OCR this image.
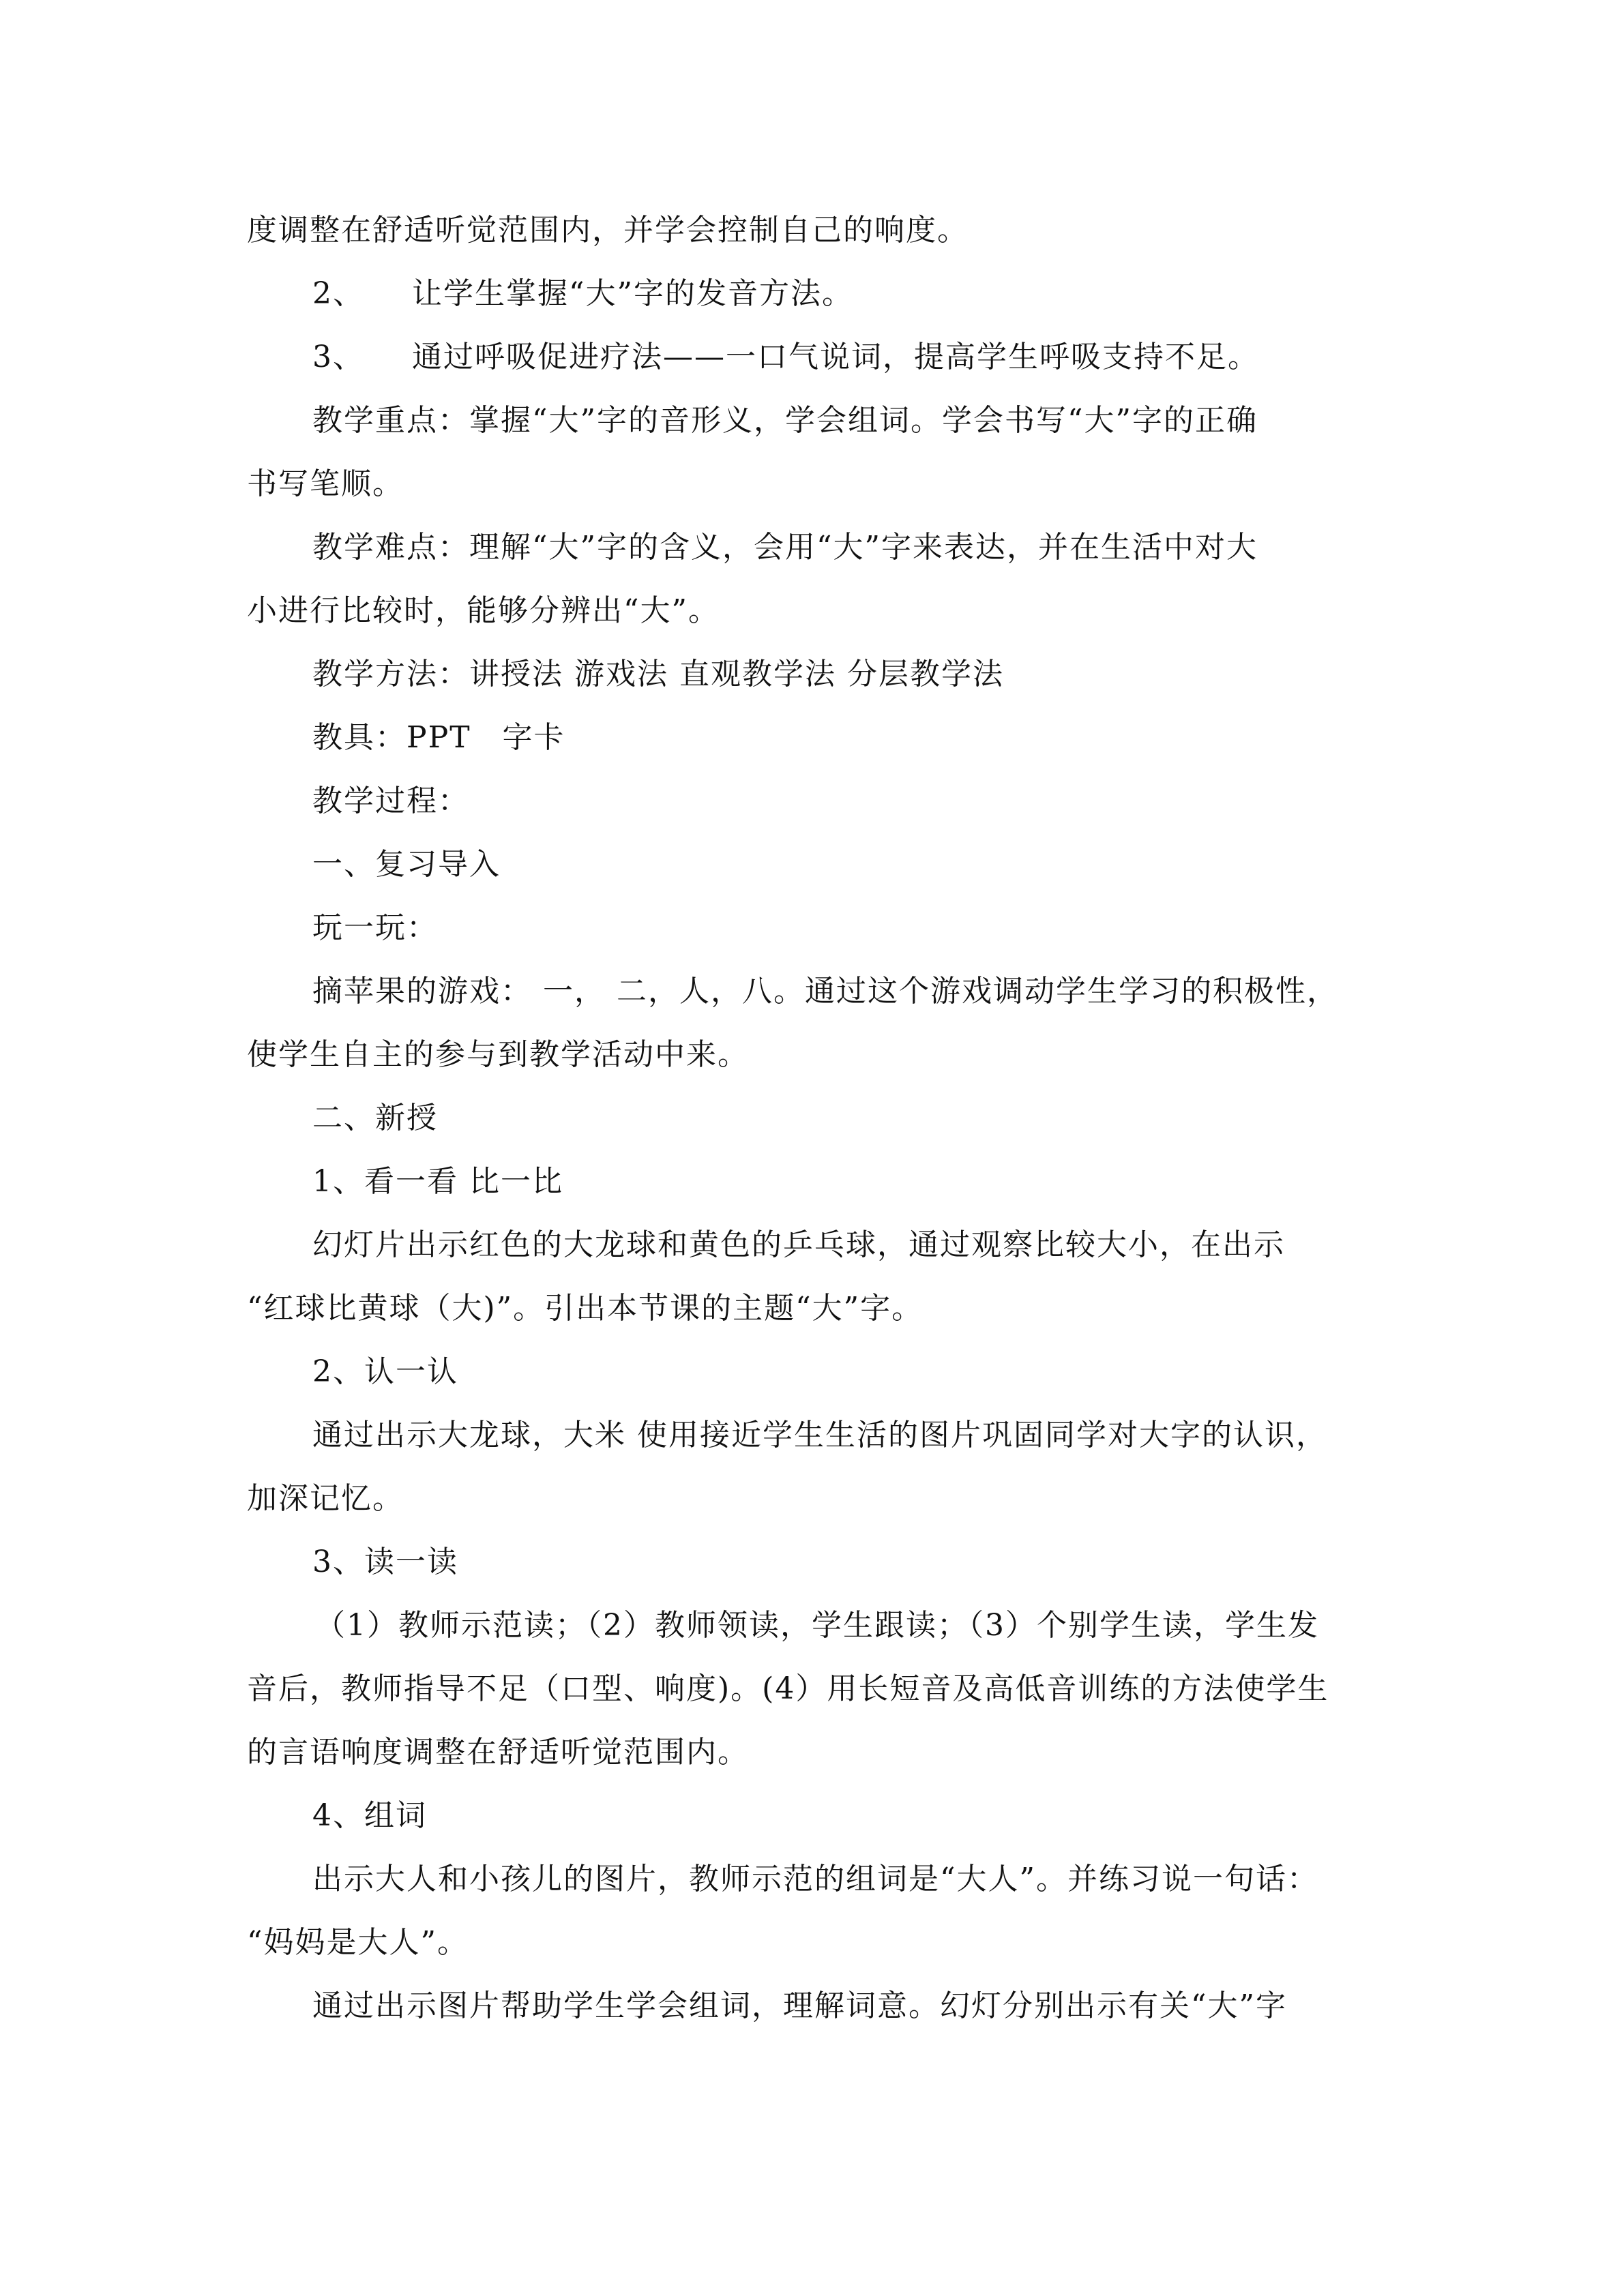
度调整在舒适听觉范围内，并学会控制自己的响度。
2、　　让学生掌握“大”字的发音方法。
3、　　通过呼吸促进疗法——一口气说词，提高学生呼吸支持不足。
教学重点：掌握“大”字的音形义，学会组词。学会书写“大”字的正确
书写笔顺。
教学难点：理解“大”字的含义，会用“大”字来表达，并在生活中对大
小进行比较时，能够分辨出“大”。
教学方法：讲授法 游戏法 直观教学法 分层教学法
教具：PPT　字卡
教学过程：
一、复习导入
玩一玩：
摘苹果的游戏： 一， 二，人，八。通过这个游戏调动学生学习的积极性，
使学生自主的参与到教学活动中来。
二、新授
1、看一看 比一比
幻灯片出示红色的大龙球和黄色的乒乓球，通过观察比较大小，在出示
“红球比黄球（大)”。引出本节课的主题“大”字。
2、认一认
通过出示大龙球，大米 使用接近学生生活的图片巩固同学对大字的认识，
加深记忆。
3、读一读
（1）教师示范读；（2）教师领读，学生跟读；（3）个别学生读，学生发
音后，教师指导不足（口型、响度)。(4）用长短音及高低音训练的方法使学生
的言语响度调整在舒适听觉范围内。
4、组词
出示大人和小孩儿的图片，教师示范的组词是“大人”。并练习说一句话：
“妈妈是大人”。
通过出示图片帮助学生学会组词，理解词意。幻灯分别出示有关“大”字
